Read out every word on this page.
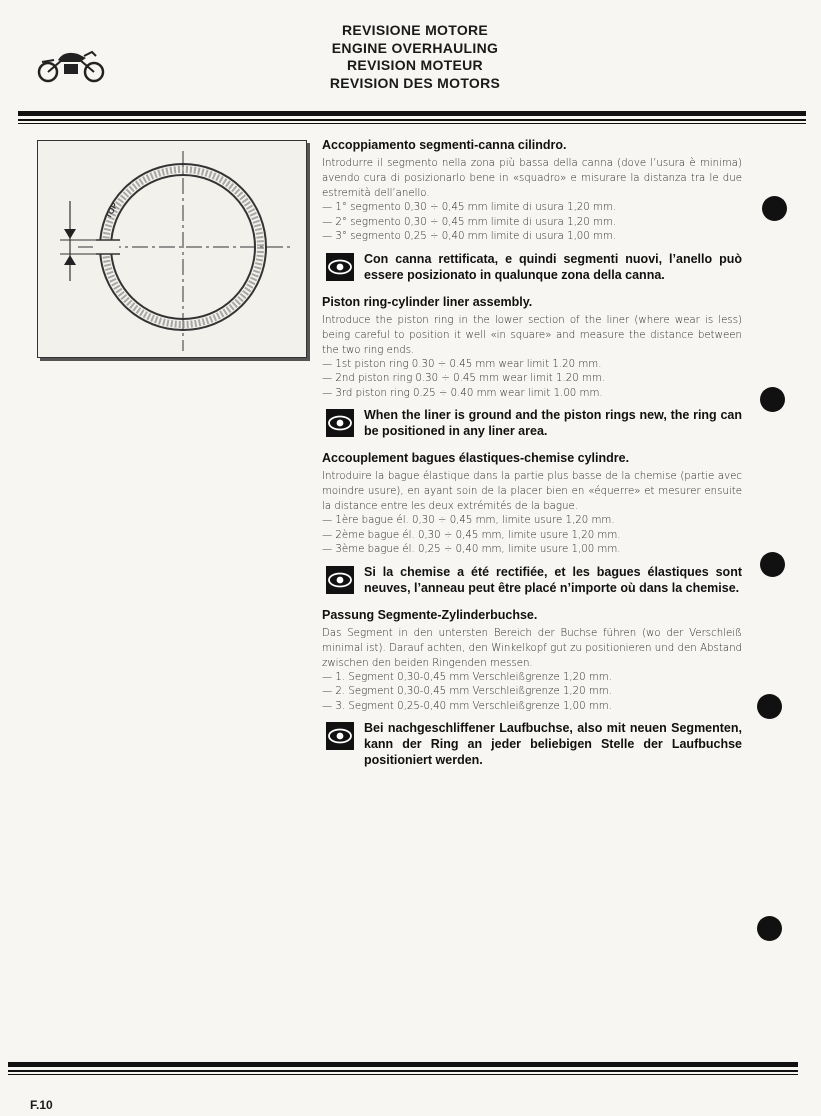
REVISIONE MOTORE
ENGINE OVERHAULING
REVISION MOTEUR
REVISION DES MOTORS
TOP
Accoppiamento segmenti-canna cilindro.

Introdurre il segmento nella zona più bassa della canna (dove l’usura è minima) avendo cura di posizionarlo bene in «squadro» e misurare la distanza tra le due estremità dell’anello.

— 1° segmento 0,30 ÷ 0,45 mm limite di usura 1,20 mm.
— 2° segmento 0,30 ÷ 0,45 mm limite di usura 1,20 mm.
— 3° segmento 0,25 ÷ 0,40 mm limite di usura 1,00 mm.
Con canna rettificata, e quindi segmenti nuovi, l’anello può essere posizionato in qualunque zona della canna.
Piston ring-cylinder liner assembly.

Introduce the piston ring in the lower section of the liner (where wear is less) being careful to position it well «in square» and measure the distance between the two ring ends.

— 1st piston ring 0.30 ÷ 0.45 mm wear limit 1.20 mm.
— 2nd piston ring 0.30 ÷ 0.45 mm wear limit 1.20 mm.
— 3rd piston ring 0.25 ÷ 0.40 mm wear limit 1.00 mm.
When the liner is ground and the piston rings new, the ring can be positioned in any liner area.
Accouplement bagues élastiques-chemise cylindre.

Introduire la bague élastique dans la partie plus basse de la chemise (partie avec moindre usure), en ayant soin de la placer bien en «équerre» et mesurer ensuite la distance entre les deux extrémités de la bague.

— 1ère bague él. 0,30 ÷ 0,45 mm, limite usure 1,20 mm.
— 2ème bague él. 0,30 ÷ 0,45 mm, limite usure 1,20 mm.
— 3ème bague él. 0,25 ÷ 0,40 mm, limite usure 1,00 mm.
Si la chemise a été rectifiée, et les bagues élastiques sont neuves, l’anneau peut être placé n’importe où dans la chemise.
Passung Segmente-Zylinderbuchse.

Das Segment in den untersten Bereich der Buchse führen (wo der Verschleiß minimal ist). Darauf achten, den Winkelkopf gut zu positionieren und den Abstand zwischen den beiden Ringenden messen.

— 1. Segment 0,30-0,45 mm Verschleißgrenze 1,20 mm.
— 2. Segment 0,30-0,45 mm Verschleißgrenze 1,20 mm.
— 3. Segment 0,25-0,40 mm Verschleißgrenze 1,00 mm.
Bei nachgeschliffener Laufbuchse, also mit neuen Segmenten, kann der Ring an jeder beliebigen Stelle der Laufbuchse positioniert werden.
F.10
